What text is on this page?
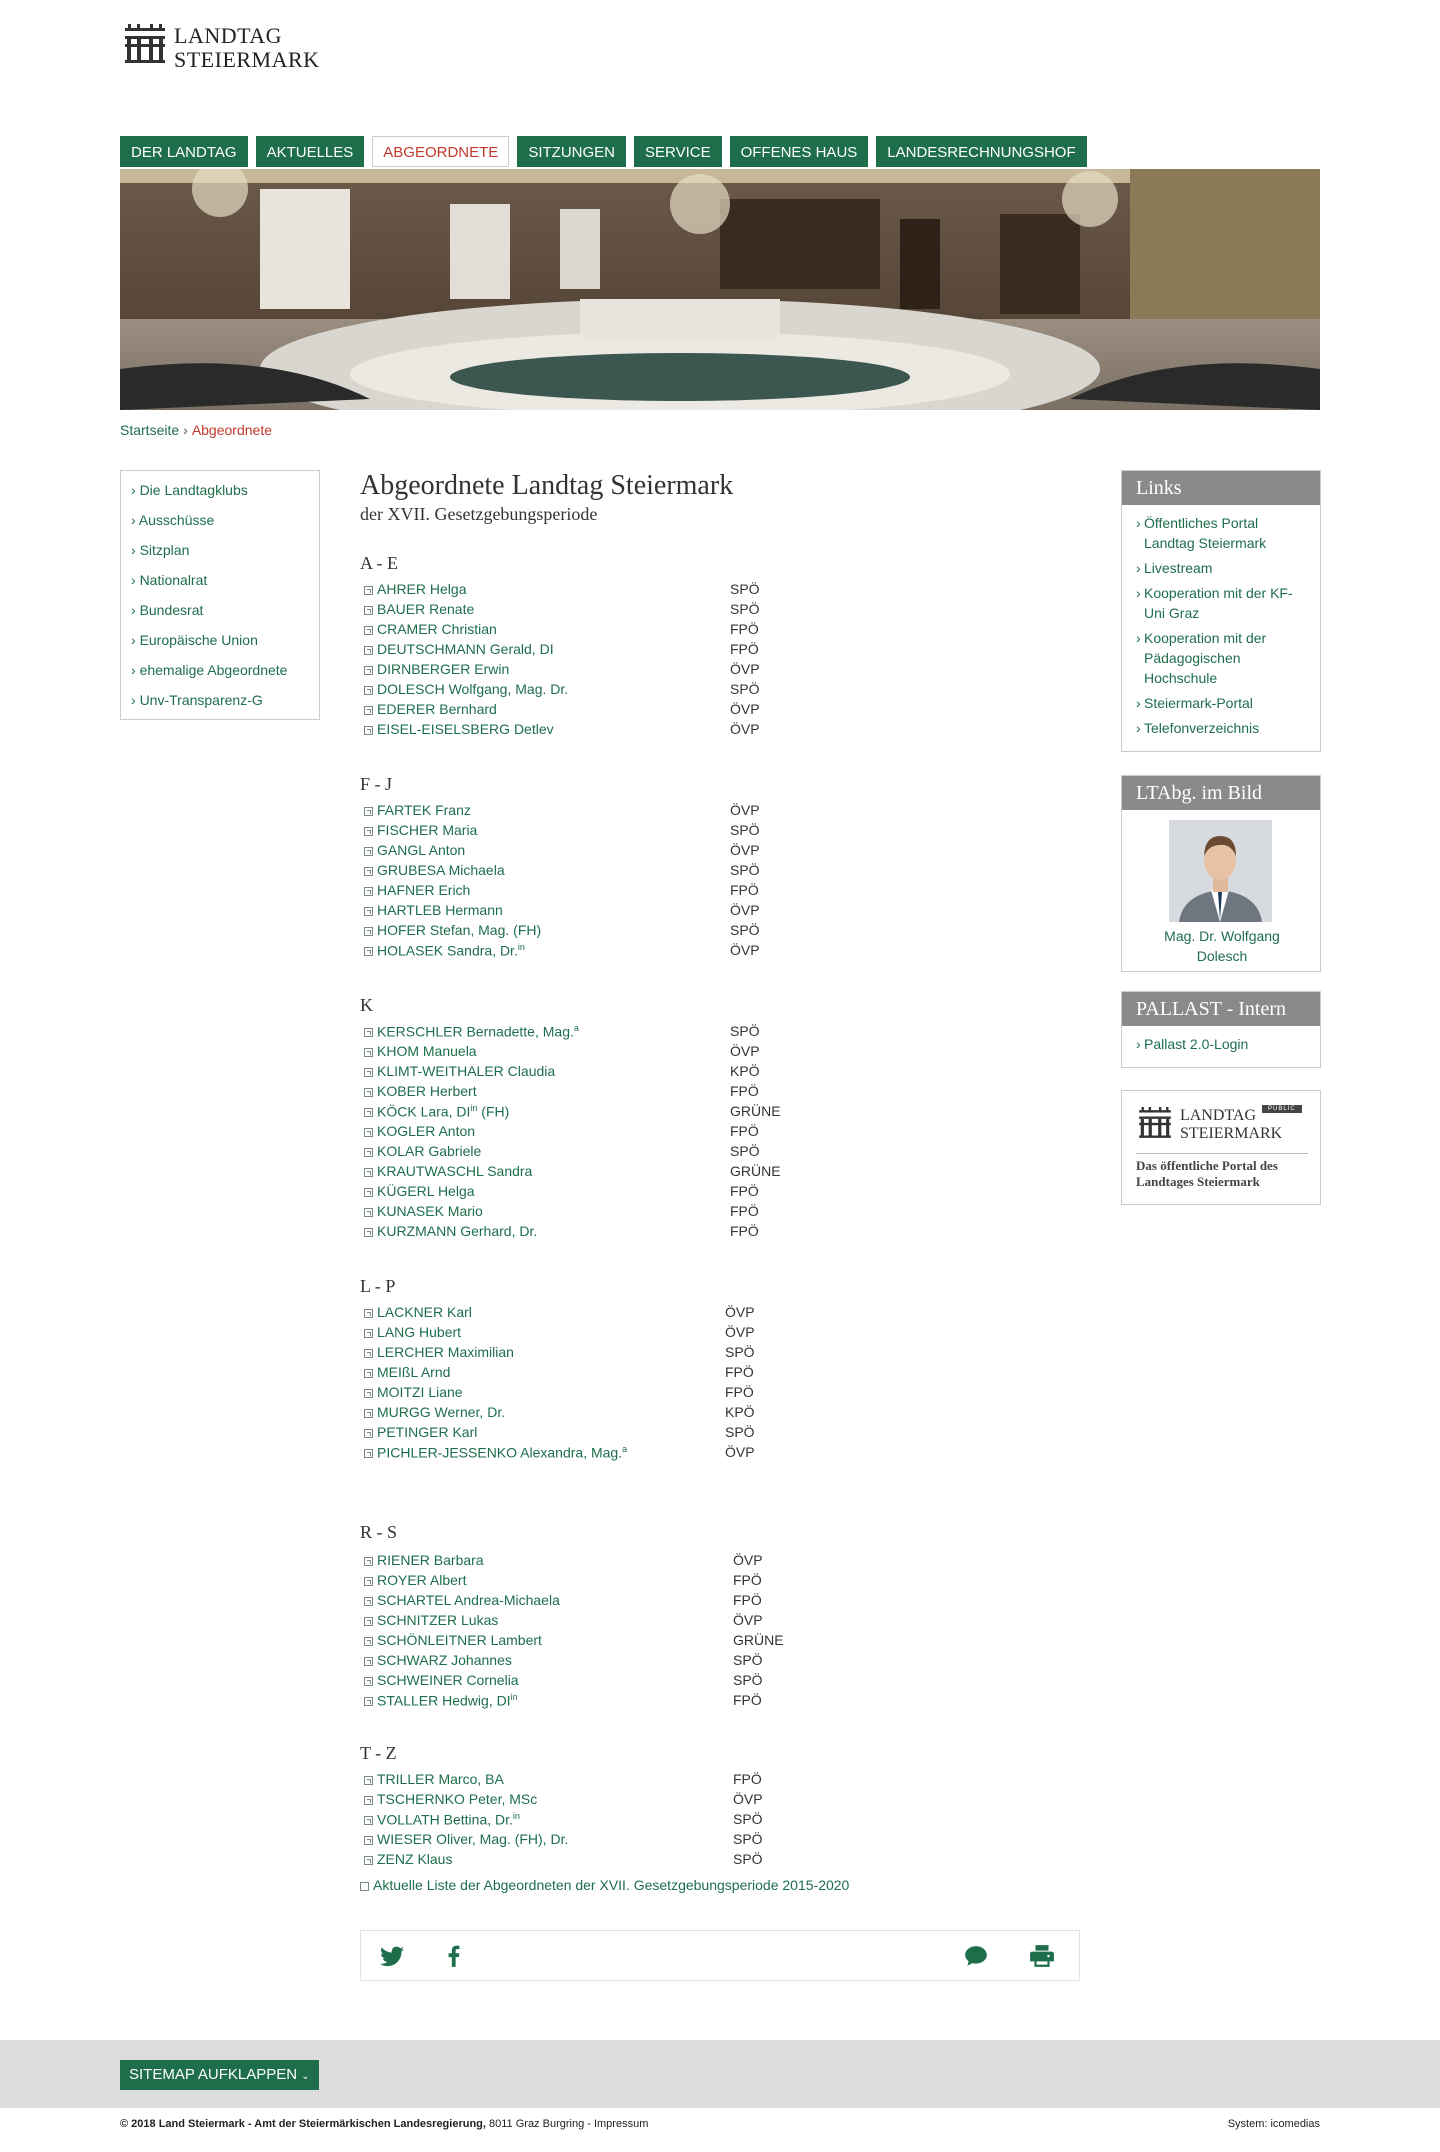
LANDTAG
STEIERMARK
DER LANDTAG	AKTUELLES	ABGEORDNETE	SITZUNGEN	SERVICE	OFFENES HAUS	LANDESRECHNUNGSHOF
Startseite › Abgeordnete
› Die Landtagklubs
› Ausschüsse
› Sitzplan
› Nationalrat
› Bundesrat
› Europäische Union
› ehemalige Abgeordnete
› Unv-Transparenz-G
Abgeordnete Landtag Steiermark
der XVII. Gesetzgebungsperiode
A - E
AHRER Helga	SPÖ
BAUER Renate	SPÖ
CRAMER Christian	FPÖ
DEUTSCHMANN Gerald, DI	FPÖ
DIRNBERGER Erwin	ÖVP
DOLESCH Wolfgang, Mag. Dr.	SPÖ
EDERER Bernhard	ÖVP
EISEL-EISELSBERG Detlev	ÖVP
F - J
FARTEK Franz	ÖVP
FISCHER Maria	SPÖ
GANGL Anton	ÖVP
GRUBESA Michaela	SPÖ
HAFNER Erich	FPÖ
HARTLEB Hermann	ÖVP
HOFER Stefan, Mag. (FH)	SPÖ
HOLASEK Sandra, Dr.$^{in}$	ÖVP
K
KERSCHLER Bernadette, Mag.$^a$	SPÖ
KHOM Manuela	ÖVP
KLIMT-WEITHALER Claudia	KPÖ
KOBER Herbert	FPÖ
KÖCK Lara, $DI^{in}$ (FH)	GRÜNE
KOGLER Anton	FPÖ
KOLAR Gabriele	SPÖ
KRAUTWASCHL Sandra	GRÜNE
KÜGERL Helga	FPÖ
KUNASEK Mario	FPÖ
KURZMANN Gerhard, Dr.	FPÖ
L - P
LACKNER Karl	ÖVP
LANG Hubert	ÖVP
LERCHER Maximilian	SPÖ
MEIßL Arnd	FPÖ
MOITZI Liane	FPÖ
MURGG Werner, Dr.	KPÖ
PETINGER Karl	SPÖ
PICHLER-JESSENKO Alexandra, Mag.$^a$	ÖVP
R - S
RIENER Barbara	ÖVP
ROYER Albert	FPÖ
SCHARTEL Andrea-Michaela	FPÖ
SCHNITZER Lukas	ÖVP
SCHÖNLEITNER Lambert	GRÜNE
SCHWARZ Johannes	SPÖ
SCHWEINER Cornelia	SPÖ
STALLER Hedwig, $DI^{in}$	FPÖ
T - Z
TRILLER Marco, BA	FPÖ
TSCHERNKO Peter, MSc	ÖVP
VOLLATH Bettina, Dr.$^{in}$	SPÖ
WIESER Oliver, Mag. (FH), Dr.	SPÖ
ZENZ Klaus	SPÖ
Aktuelle Liste der Abgeordneten der XVII. Gesetzgebungsperiode 2015-2020
Links
› Öffentliches Portal Landtag Steiermark
› Livestream
› Kooperation mit der KF-Uni Graz
› Kooperation mit der Pädagogischen Hochschule
› Steiermark-Portal
› Telefonverzeichnis
LTAbg. im Bild
Mag. Dr. Wolfgang Dolesch
PALLAST - Intern
› Pallast 2.0-Login
LANDTAG
STEIERMARK
PUBLIC
Das öffentliche Portal des Landtages Steiermark
SITEMAP AUFKLAPPEN ⌄
© 2018 Land Steiermark - Amt der Steiermärkischen Landesregierung, 8011 Graz Burgring - Impressum	System: icomedias
